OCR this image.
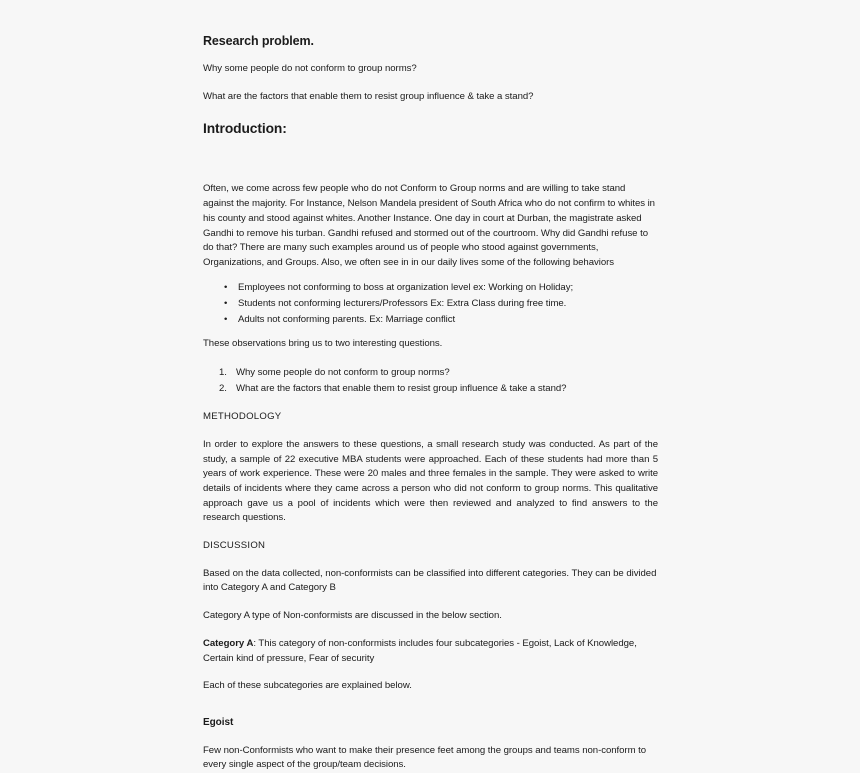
Research problem.

Why some people do not conform to group norms?

What are the factors that enable them to resist group influence & take a stand?

Introduction:

Often, we come across few people who do not Conform to Group norms and are willing to take stand against the majority. For Instance, Nelson Mandela president of South Africa who do not confirm to whites in his county and stood against whites. Another Instance. One day in court at Durban, the magistrate asked Gandhi to remove his turban. Gandhi refused and stormed out of the courtroom. Why did Gandhi refuse to do that? There are many such examples around us of people who stood against governments, Organizations, and Groups. Also, we often see in in our daily lives some of the following behaviors

• Employees not conforming to boss at organization level ex: Working on Holiday;
• Students not conforming lecturers/Professors Ex: Extra Class during free time.
• Adults not conforming parents. Ex: Marriage conflict

These observations bring us to two interesting questions.

1. Why some people do not conform to group norms?
2. What are the factors that enable them to resist group influence & take a stand?
METHODOLOGY

In order to explore the answers to these questions, a small research study was conducted. As part of the study, a sample of 22 executive MBA students were approached. Each of these students had more than 5 years of work experience. These were 20 males and three females in the sample. They were asked to write details of incidents where they came across a person who did not conform to group norms. This qualitative approach gave us a pool of incidents which were then reviewed and analyzed to find answers to the research questions.

DISCUSSION

Based on the data collected, non-conformists can be classified into different categories. They can be divided into Category A and Category B

Category A type of Non-conformists are discussed in the below section.

Category A: This category of non-conformists includes four subcategories - Egoist, Lack of Knowledge, Certain kind of pressure, Fear of security

Each of these subcategories are explained below.

Egoist

Few non-Conformists who want to make their presence feet among the groups and teams non-conform to every single aspect of the group/team decisions.
